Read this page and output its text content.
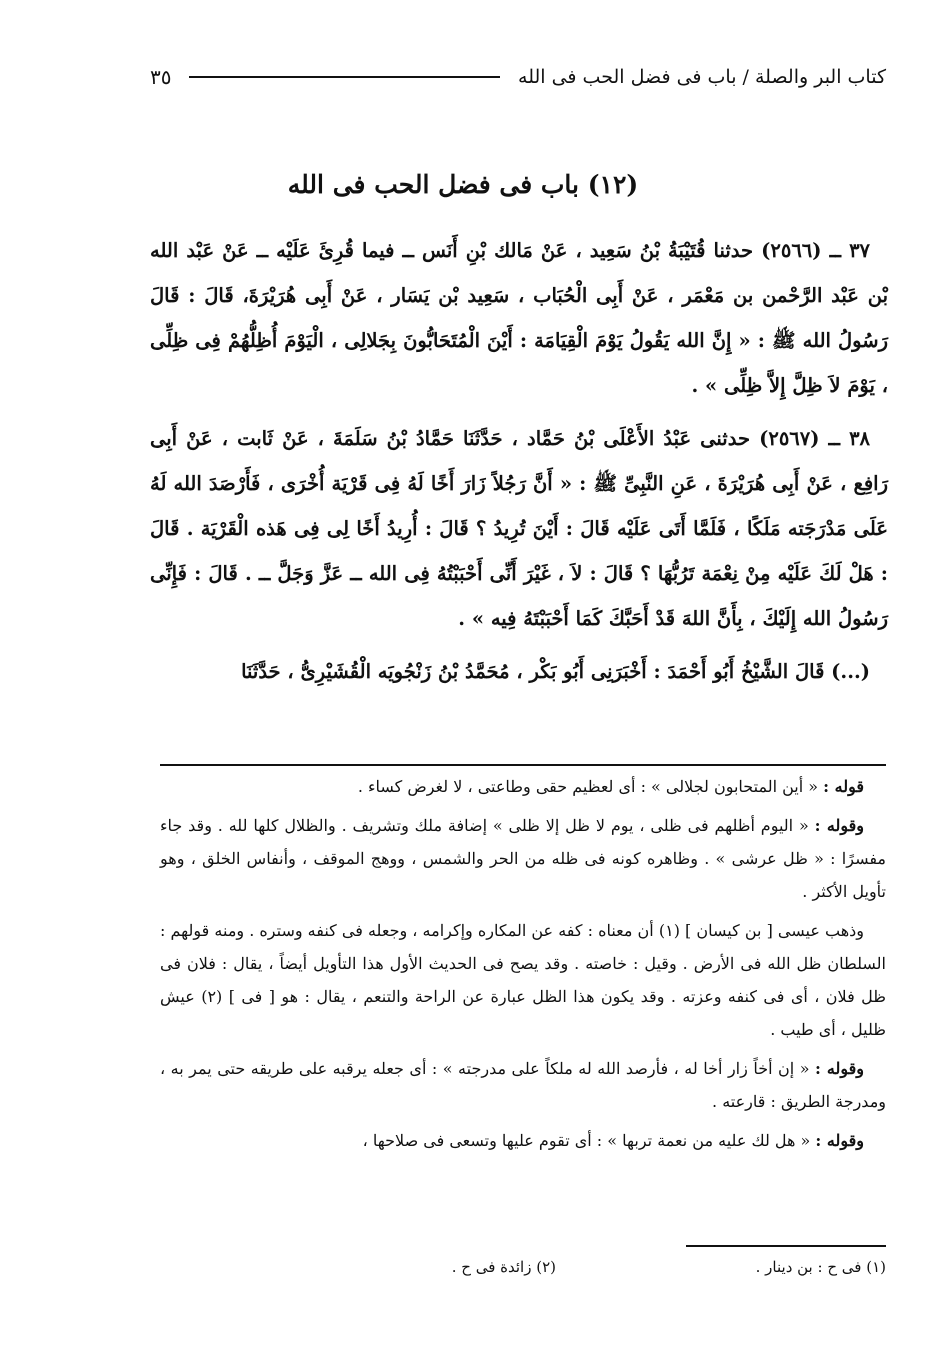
كتاب البر والصلة / باب فى فضل الحب فى الله
٣٥
(١٢) باب فى فضل الحب فى الله

٣٧ ــ (٢٥٦٦) حدثنا قُتَيْبَةُ بْنُ سَعِيد ، عَنْ مَالك بْنِ أَنَس ــ فيما قُرِئَ عَلَيْه ــ عَنْ عَبْد الله بْن عَبْد الرَّحْمن بن مَعْمَر ، عَنْ أَبِى الْحُبَاب ، سَعِيد بْن يَسَار ، عَنْ أَبِى هُرَيْرَةَ، قَالَ : قَالَ رَسُولُ الله ﷺ : « إِنَّ الله يَقُولُ يَوْمَ الْقِيَامَة : أَيْنَ الْمُتَحَابُّونَ بِجَلالِى ، الْيَوْمَ أُظِلُّهُمْ فِى ظِلِّى ، يَوْمَ لاَ ظِلَّ إِلاَّ ظِلِّى » .

٣٨ ــ (٢٥٦٧) حدثنى عَبْدُ الأَعْلَى بْنُ حَمَّاد ، حَدَّثَنَا حَمَّادُ بْنُ سَلَمَةَ ، عَنْ ثَابت ، عَنْ أَبِى رَافِع ، عَنْ أَبِى هُرَيْرَةَ ، عَنِ النَّبِىِّ ﷺ : « أَنَّ رَجُلاً زَارَ أَخًا لَهُ فِى قَرْيَة أُخْرَى ، فَأَرْصَدَ الله لَهُ عَلَى مَدْرَجَته مَلَكًا ، فَلَمَّا أَتَى عَلَيْه قَالَ : أَيْنَ تُرِيدُ ؟ قَالَ : أُرِيدُ أَخًا لِى فِى هَذه الْقَرْيَة . قَالَ : هَلْ لَكَ عَلَيْه مِنْ نِعْمَة تَرُبُّهَا ؟ قَالَ : لاَ ، غَيْرَ أَنِّى أَحْبَبْتُهُ فِى الله ــ عَزَّ وَجَلَّ ــ . قَالَ : فَإِنِّى رَسُولُ الله إِلَيْكَ ، بِأَنَّ اللهَ قَدْ أَحَبَّكَ كَمَا أَحْبَبْتَهُ فِيه » .

(...) قَالَ الشَّيْخُ أَبُو أَحْمَدَ : أَخْبَرَنِى أَبُو بَكْر ، مُحَمَّدُ بْنُ زَنْجُويَه الْقُشَيْرِىُّ ، حَدَّثَنَا

قوله : « أين المتحابون لجلالى » : أى لعظيم حقى وطاعتى ، لا لغرض كساء .

وقوله : « اليوم أظلهم فى ظلى ، يوم لا ظل إلا ظلى » إضافة ملك وتشريف . والظلال كلها لله . وقد جاء مفسرًا : « ظل عرشى » . وظاهره كونه فى ظله من الحر والشمس ، ووهج الموقف ، وأنفاس الخلق ، وهو تأويل الأكثر .

وذهب عيسى [ بن كيسان ] (١) أن معناه : كفه عن المكاره وإكرامه ، وجعله فى كنفه وستره . ومنه قولهم : السلطان ظل الله فى الأرض . وقيل : خاصته . وقد يصح فى الحديث الأول هذا التأويل أيضاً ، يقال : فلان فى ظل فلان ، أى فى كنفه وعزته . وقد يكون هذا الظل عبارة عن الراحة والتنعم ، يقال : هو [ فى ] (٢) عيش ظليل ، أى طيب .

وقوله : « إن أخاً زار أخا له ، فأرصد الله له ملكاً على مدرجته » : أى جعله يرقبه على طريقه حتى يمر به ، ومدرجة الطريق : قارعته .

وقوله : « هل لك عليه من نعمة تربها » : أى تقوم عليها وتسعى فى صلاحها ،

(١) فى ح : بن دينار .
(٢) زائدة فى ح .
